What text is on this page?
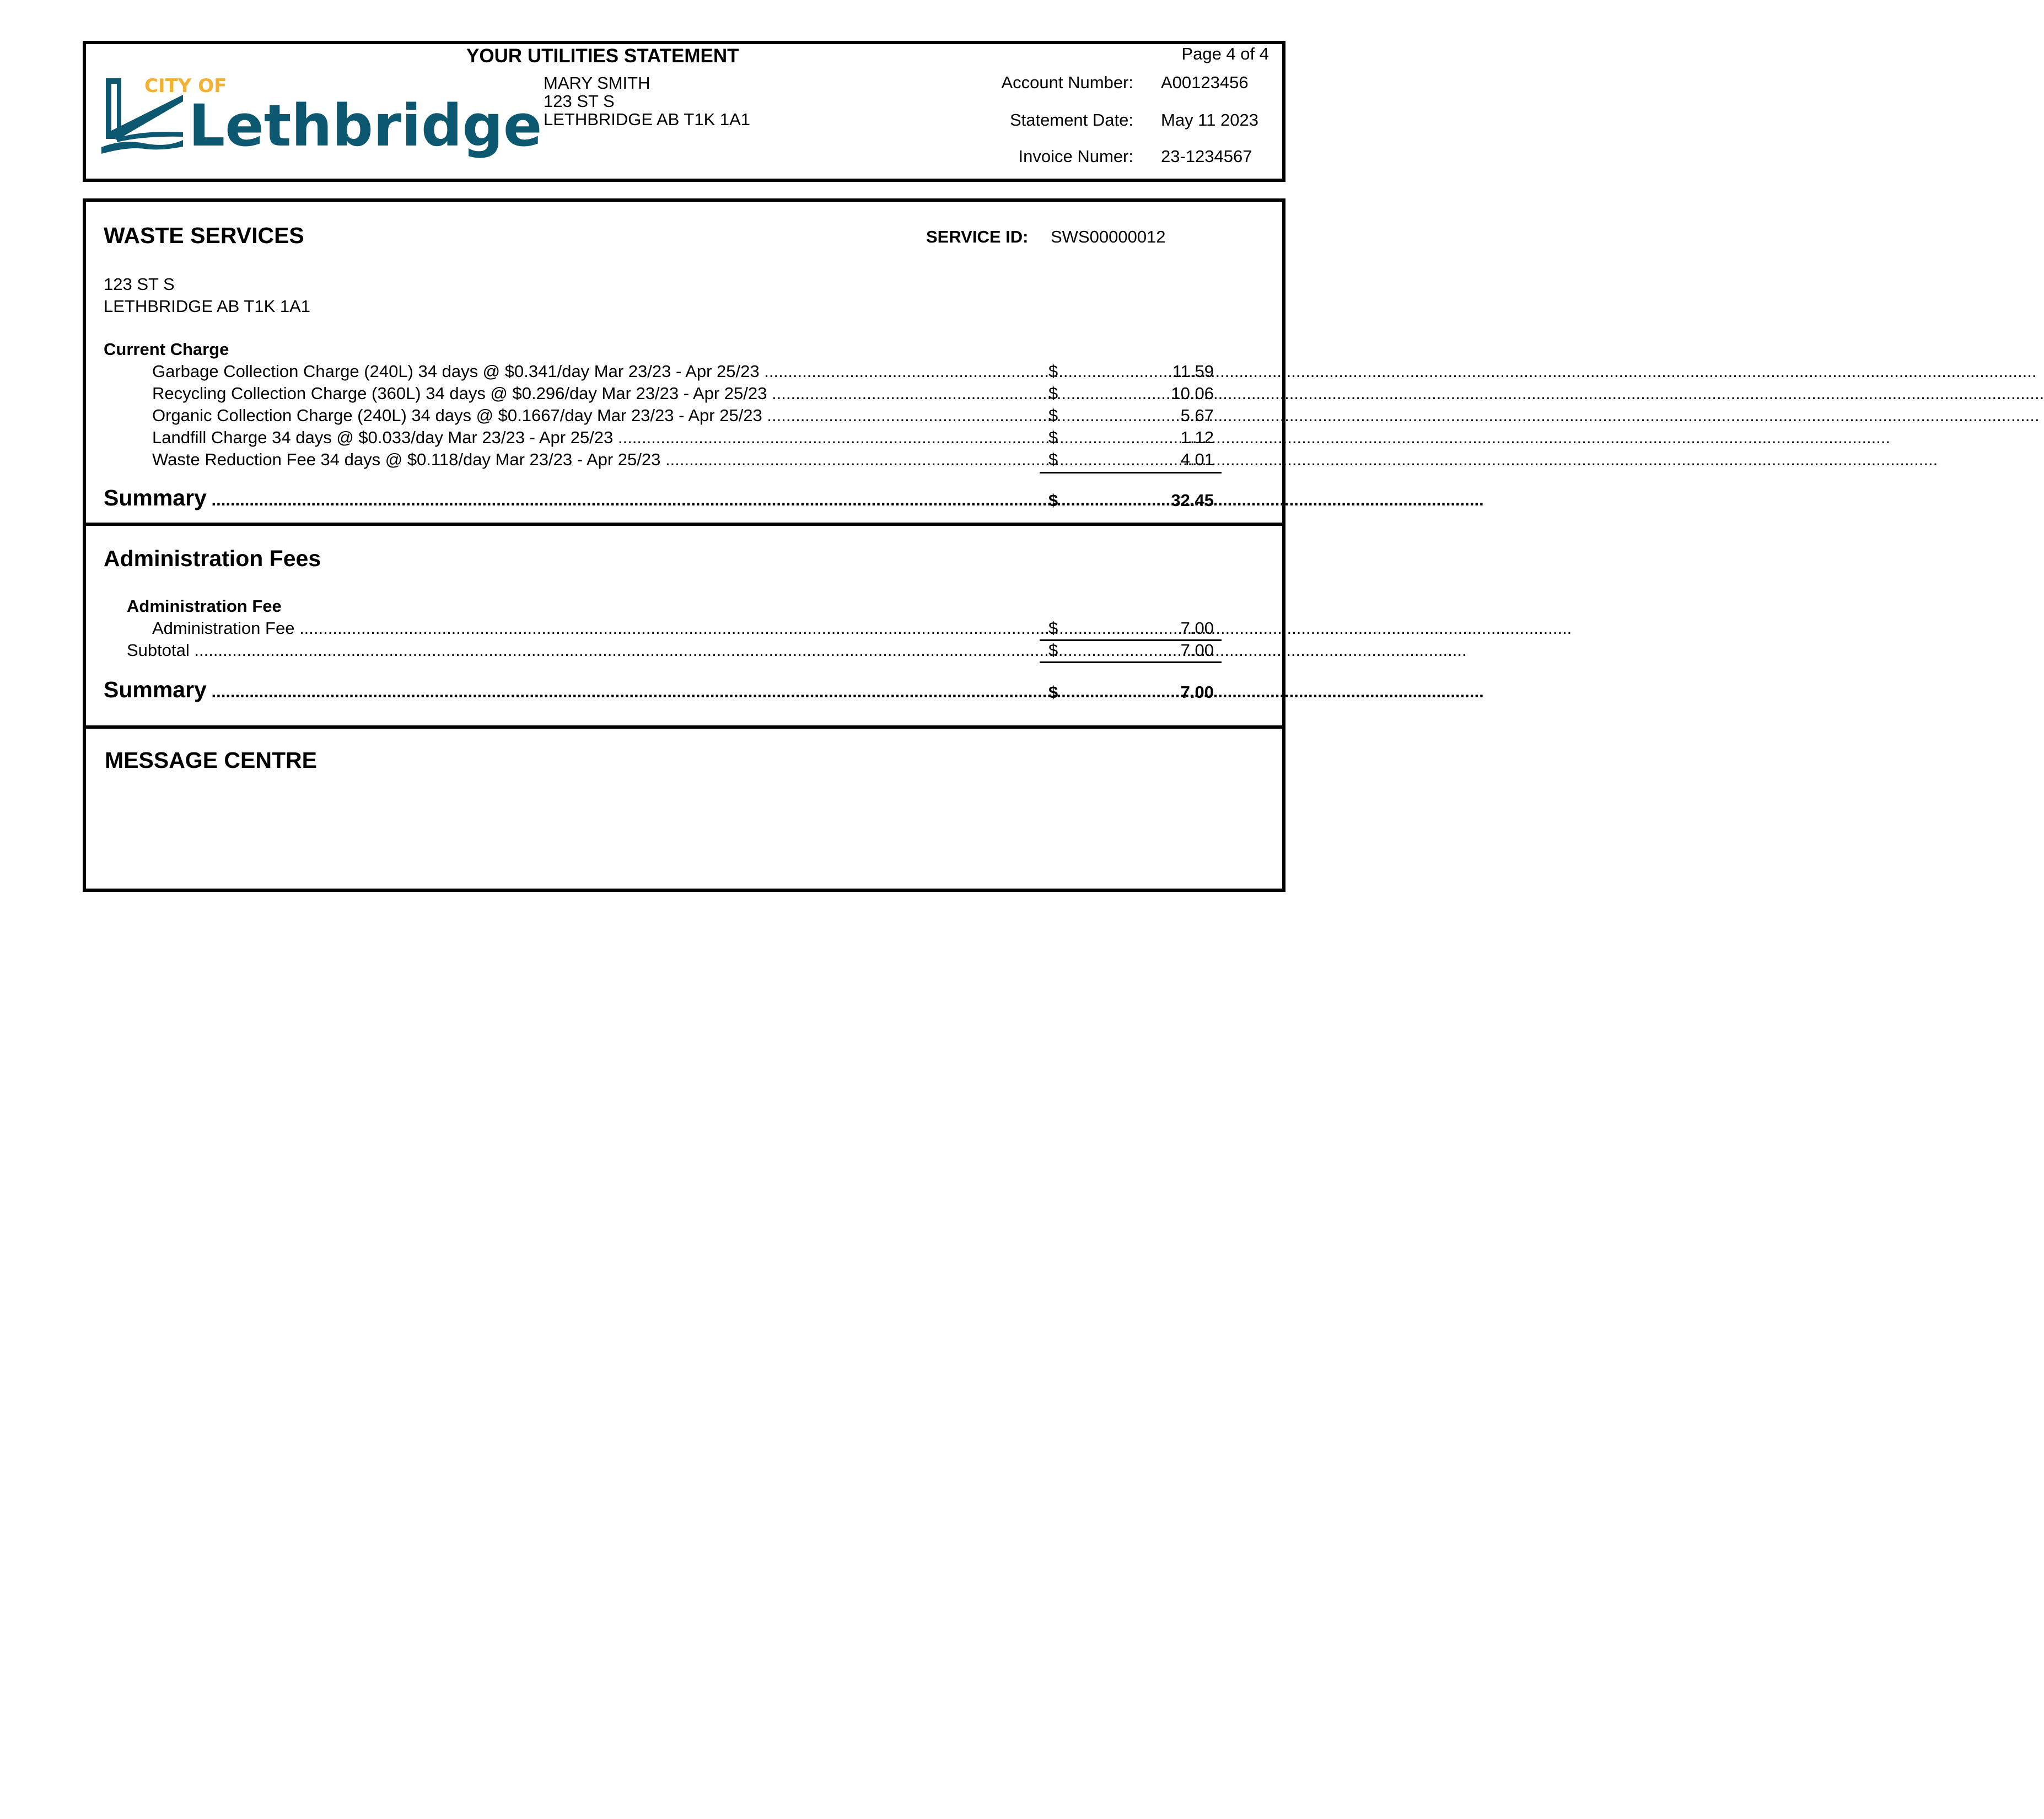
CITY OF
Lethbridge
YOUR UTILITIES STATEMENT
MARY SMITH
123 ST S
LETHBRIDGE AB T1K 1A1
Page 4 of 4
Account Number: A00123456
Statement Date: May 11 2023
Invoice Numer: 23-1234567
WASTE SERVICES	SERVICE ID: SWS00000012
123 ST S
LETHBRIDGE AB T1K 1A1
Current Charge
Garbage Collection Charge (240L) 34 days @ $0.341/day Mar 23/23 - Apr 25/23 .....	$	11.59
Recycling Collection Charge (360L) 34 days @ $0.296/day Mar 23/23 - Apr 25/23 .....	$	10.06
Organic Collection Charge (240L) 34 days @ $0.1667/day Mar 23/23 - Apr 25/23 .....	$	5.67
Landfill Charge 34 days @ $0.033/day Mar 23/23 - Apr 25/23 .....	$	1.12
Waste Reduction Fee 34 days @ $0.118/day Mar 23/23 - Apr 25/23 .....	$	4.01
Summary .....	$	32.45
Administration Fees
Administration Fee
Administration Fee .....	$	7.00
Subtotal .....	$	7.00
Summary .....	$	7.00
MESSAGE CENTRE
